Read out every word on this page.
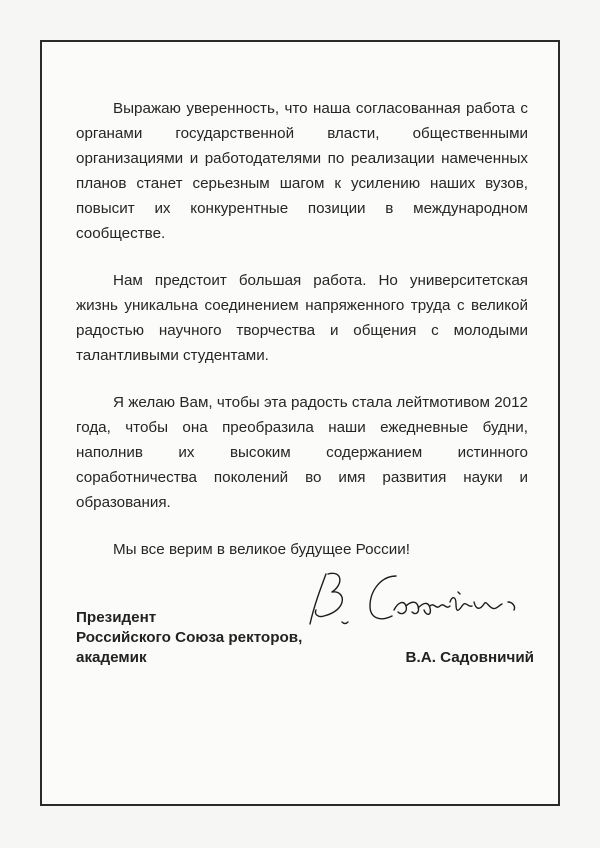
Выражаю уверенность, что наша согласованная работа с органами государственной власти, общественными организациями и работодателями по реализации намеченных планов станет серьезным шагом к усилению наших вузов, повысит их конкурентные позиции в международном сообществе.

Нам предстоит большая работа. Но университетская жизнь уникальна соединением напряженного труда с великой радостью научного творчества и общения с молодыми талантливыми студентами.

Я желаю Вам, чтобы эта радость стала лейтмотивом 2012 года, чтобы она преобразила наши ежедневные будни, наполнив их высоким содержанием истинного соработничества поколений во имя развития науки и образования.

Мы все верим в великое будущее России!

Президент
Российского Союза ректоров,
академик	В.А. Садовничий
